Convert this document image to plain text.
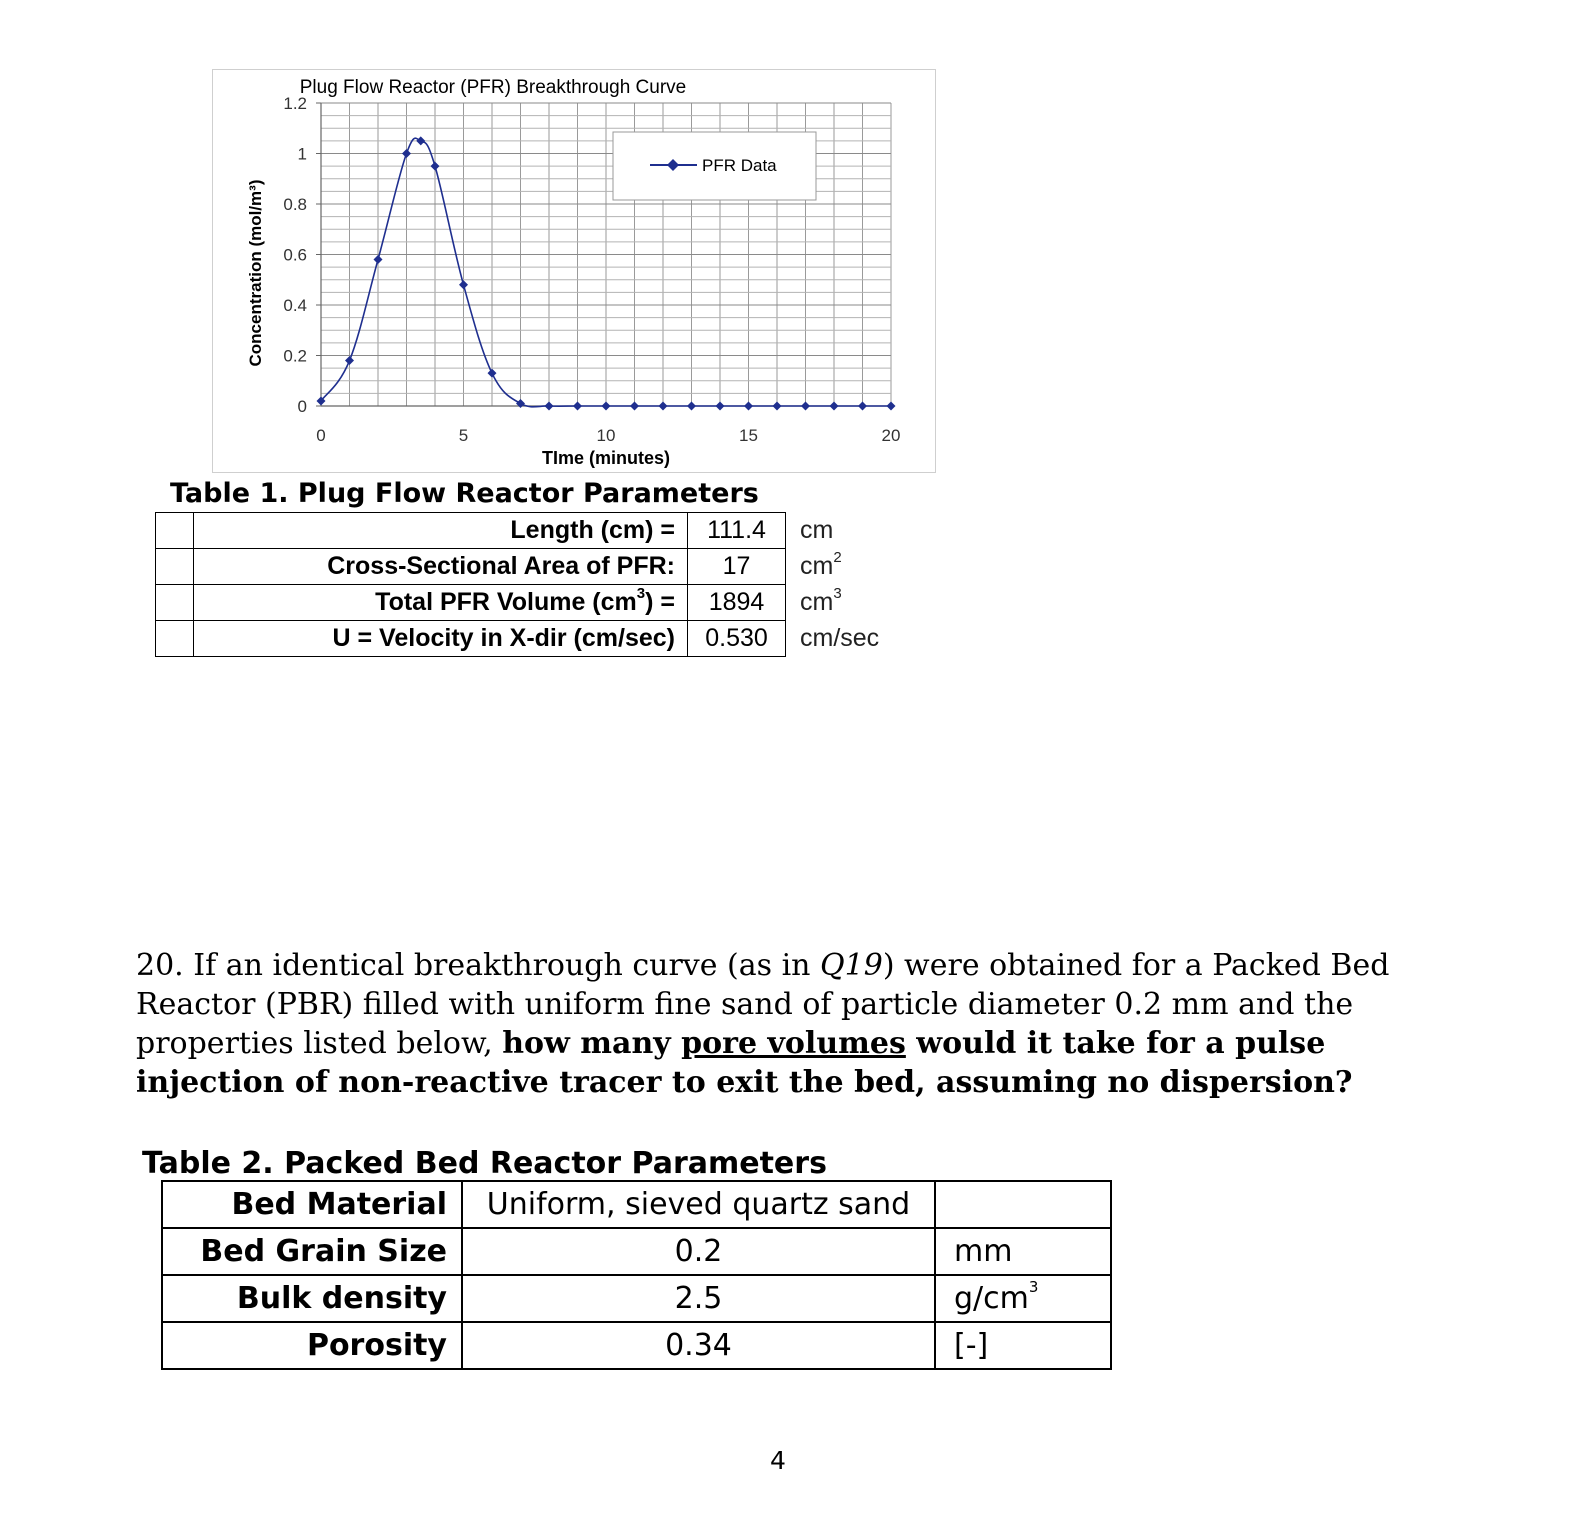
Plug Flow Reactor (PFR) Breakthrough Curve
Concentration (mol/m³)
TIme (minutes)
0
0.2
0.4
0.6
0.8
1
1.2
0	5	10	15	20
PFR Data
Table 1. Plug Flow Reactor Parameters
	Length (cm) =	111.4	cm
	Cross-Sectional Area of PFR:	17	$cm^2$
	Total PFR Volume $(cm^3)$ =	1894	$cm^3$
	U = Velocity in X-dir (cm/sec)	0.530	cm/sec
20. If an identical breakthrough curve (as in Q19) were obtained for a Packed Bed Reactor (PBR) filled with uniform fine sand of particle diameter 0.2 mm and the properties listed below, how many pore volumes would it take for a pulse injection of non-reactive tracer to exit the bed, assuming no dispersion?
Table 2. Packed Bed Reactor Parameters
Bed Material	Uniform, sieved quartz sand	
Bed Grain Size	0.2	mm
Bulk density	2.5	$g/cm^3$
Porosity	0.34	[-]
4
